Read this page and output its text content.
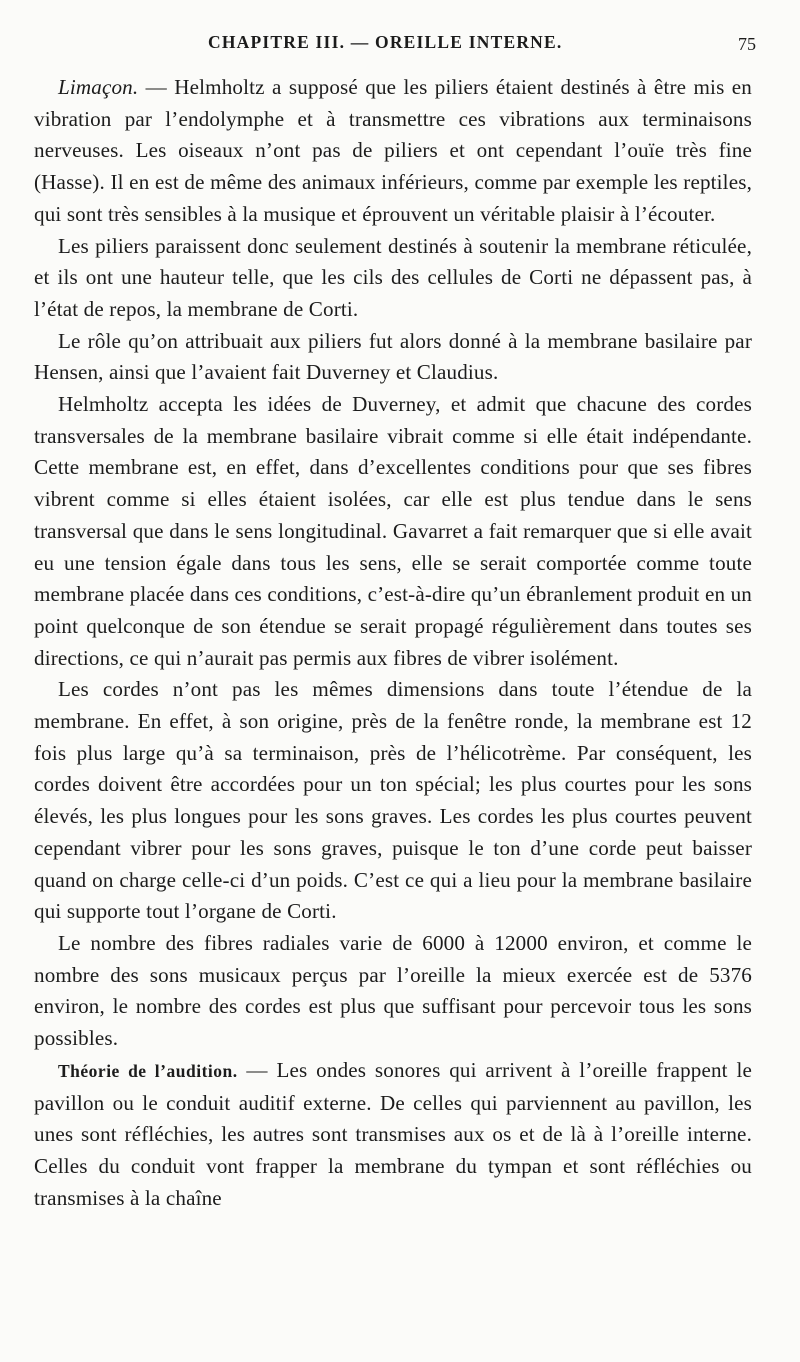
CHAPITRE III. — OREILLE INTERNE.	75

Limaçon. — Helmholtz a supposé que les piliers étaient destinés à être mis en vibration par l’endolymphe et à transmettre ces vibrations aux terminaisons nerveuses. Les oiseaux n’ont pas de piliers et ont cependant l’ouïe très fine (Hasse). Il en est de même des animaux inférieurs, comme par exemple les reptiles, qui sont très sensibles à la musique et éprouvent un véritable plaisir à l’écouter.

Les piliers paraissent donc seulement destinés à soutenir la membrane réticulée, et ils ont une hauteur telle, que les cils des cellules de Corti ne dépassent pas, à l’état de repos, la membrane de Corti.

Le rôle qu’on attribuait aux piliers fut alors donné à la membrane basilaire par Hensen, ainsi que l’avaient fait Duverney et Claudius.

Helmholtz accepta les idées de Duverney, et admit que chacune des cordes transversales de la membrane basilaire vibrait comme si elle était indépendante. Cette membrane est, en effet, dans d’excellentes conditions pour que ses fibres vibrent comme si elles étaient isolées, car elle est plus tendue dans le sens transversal que dans le sens longitudinal. Gavarret a fait remarquer que si elle avait eu une tension égale dans tous les sens, elle se serait comportée comme toute membrane placée dans ces conditions, c’est-à-dire qu’un ébranlement produit en un point quelconque de son étendue se serait propagé régulièrement dans toutes ses directions, ce qui n’aurait pas permis aux fibres de vibrer isolément.

Les cordes n’ont pas les mêmes dimensions dans toute l’étendue de la membrane. En effet, à son origine, près de la fenêtre ronde, la membrane est 12 fois plus large qu’à sa terminaison, près de l’hélicotrème. Par conséquent, les cordes doivent être accordées pour un ton spécial; les plus courtes pour les sons élevés, les plus longues pour les sons graves. Les cordes les plus courtes peuvent cependant vibrer pour les sons graves, puisque le ton d’une corde peut baisser quand on charge celle-ci d’un poids. C’est ce qui a lieu pour la membrane basilaire qui supporte tout l’organe de Corti.

Le nombre des fibres radiales varie de 6000 à 12000 environ, et comme le nombre des sons musicaux perçus par l’oreille la mieux exercée est de 5376 environ, le nombre des cordes est plus que suffisant pour percevoir tous les sons possibles.

Théorie de l’audition. — Les ondes sonores qui arrivent à l’oreille frappent le pavillon ou le conduit auditif externe. De celles qui parviennent au pavillon, les unes sont réfléchies, les autres sont transmises aux os et de là à l’oreille interne. Celles du conduit vont frapper la membrane du tympan et sont réfléchies ou transmises à la chaîne
